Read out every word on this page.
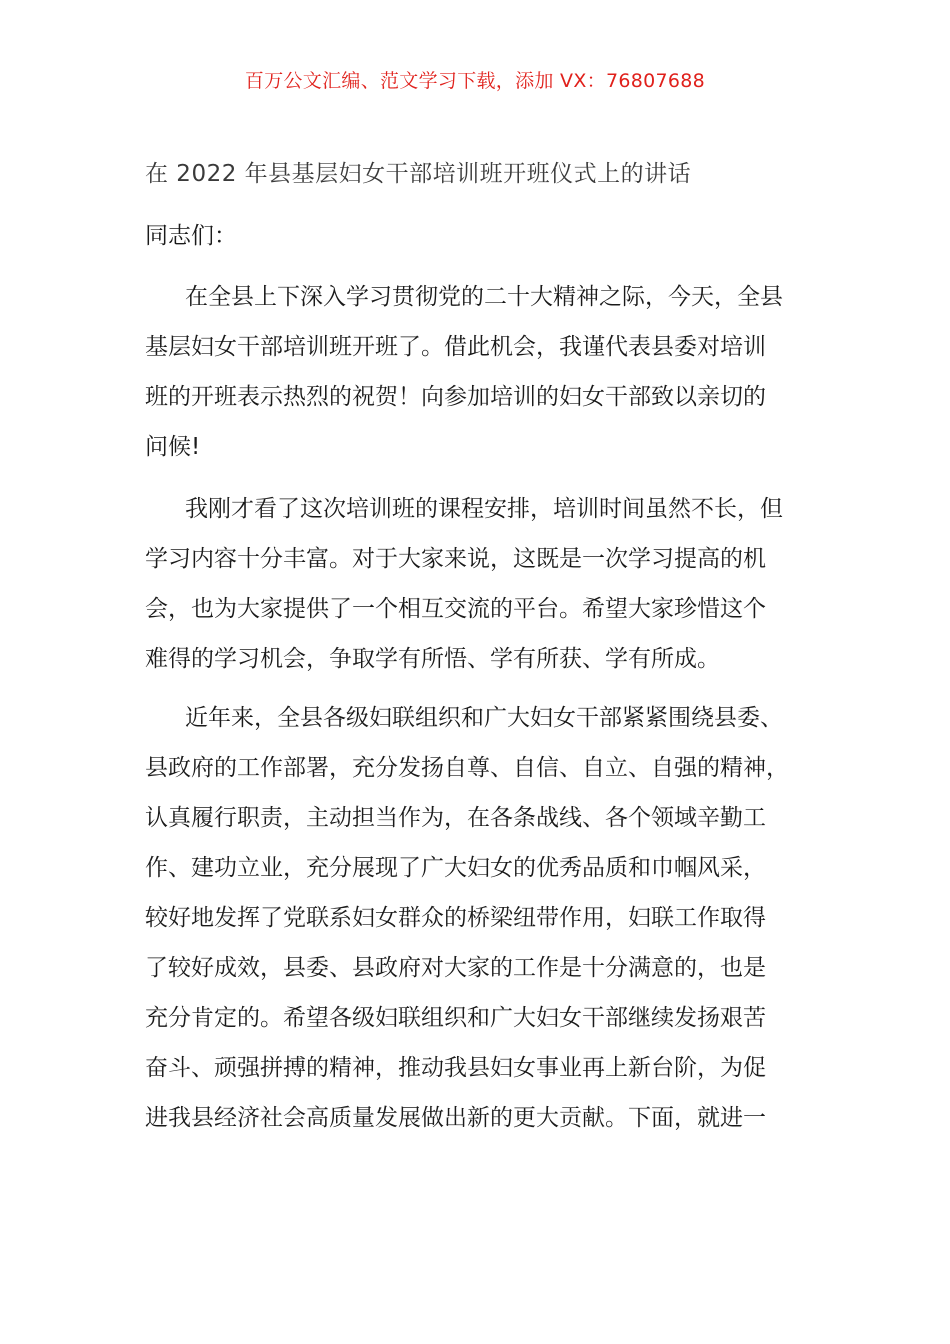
百万公文汇编、范文学习下载，添加 VX：76807688
在 2022 年县基层妇女干部培训班开班仪式上的讲话
同志们：
在全县上下深入学习贯彻党的二十大精神之际，今天，全县
基层妇女干部培训班开班了。借此机会，我谨代表县委对培训
班的开班表示热烈的祝贺！向参加培训的妇女干部致以亲切的
问候!
我刚才看了这次培训班的课程安排，培训时间虽然不长，但
学习内容十分丰富。对于大家来说，这既是一次学习提高的机
会，也为大家提供了一个相互交流的平台。希望大家珍惜这个
难得的学习机会，争取学有所悟、学有所获、学有所成。
近年来，全县各级妇联组织和广大妇女干部紧紧围绕县委、
县政府的工作部署，充分发扬自尊、自信、自立、自强的精神，
认真履行职责，主动担当作为，在各条战线、各个领域辛勤工
作、建功立业，充分展现了广大妇女的优秀品质和巾帼风采，
较好地发挥了党联系妇女群众的桥梁纽带作用，妇联工作取得
了较好成效，县委、县政府对大家的工作是十分满意的，也是
充分肯定的。希望各级妇联组织和广大妇女干部继续发扬艰苦
奋斗、顽强拼搏的精神，推动我县妇女事业再上新台阶，为促
进我县经济社会高质量发展做出新的更大贡献。下面，就进一
